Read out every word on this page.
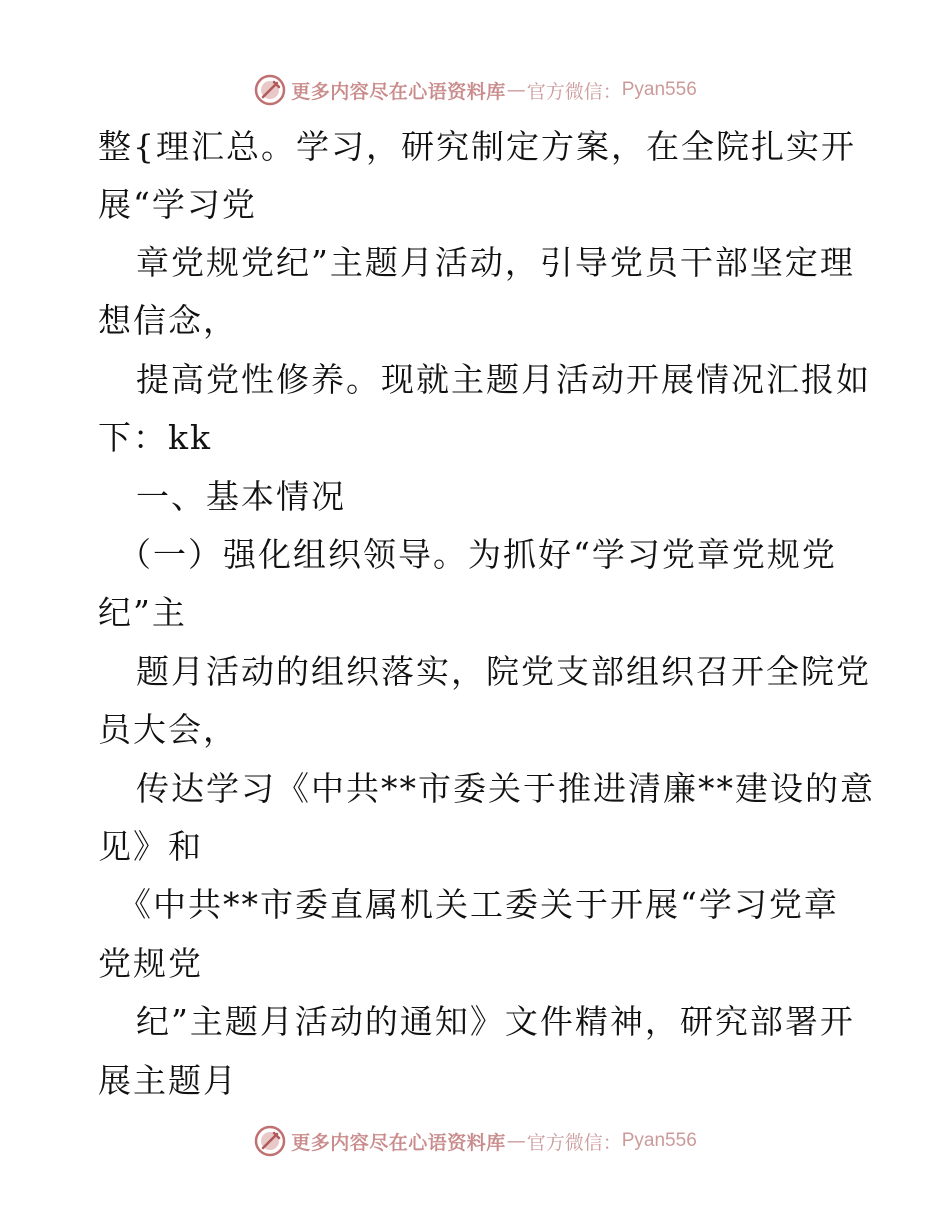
更多内容尽在心语资料库 — 官方微信： Pyan556
整{理汇总。学习，研究制定方案，在全院扎实开
展“学习党
章党规党纪”主题月活动，引导党员干部坚定理
想信念，
提高党性修养。现就主题月活动开展情况汇报如
下：kk
一、基本情况
（一）强化组织领导。为抓好“学习党章党规党
纪”主
题月活动的组织落实，院党支部组织召开全院党
员大会，
传达学习《中共**市委关于推进清廉**建设的意
见》和
《中共**市委直属机关工委关于开展“学习党章
党规党
纪”主题月活动的通知》文件精神，研究部署开
展主题月
更多内容尽在心语资料库 — 官方微信： Pyan556
